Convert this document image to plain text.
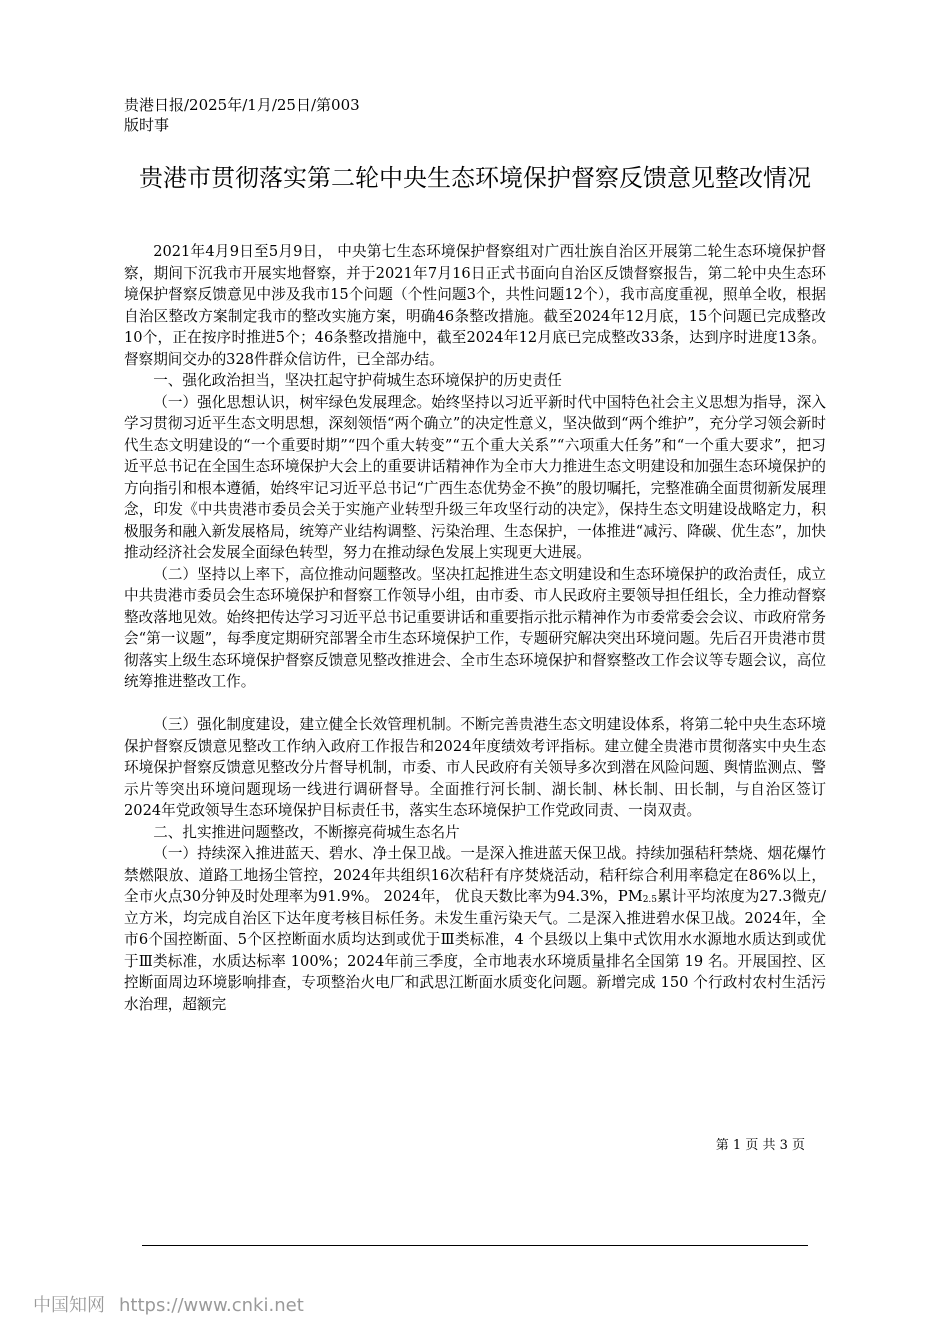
贵港日报/2025年/1月/25日/第003
版时事
贵港市贯彻落实第二轮中央生态环境保护督察反馈意见整改情况

2021年4月9日至5月9日， 中央第七生态环境保护督察组对广西壮族自治区开展第二轮生态环境保护督察，期间下沉我市开展实地督察，并于2021年7月16日正式书面向自治区反馈督察报告，第二轮中央生态环境保护督察反馈意见中涉及我市15个问题（个性问题3个，共性问题12个），我市高度重视，照单全收，根据自治区整改方案制定我市的整改实施方案，明确46条整改措施。截至2024年12月底，15个问题已完成整改10个，正在按序时推进5个；46条整改措施中，截至2024年12月底已完成整改33条，达到序时进度13条。督察期间交办的328件群众信访件，已全部办结。

一、强化政治担当，坚决扛起守护荷城生态环境保护的历史责任

（一）强化思想认识，树牢绿色发展理念。始终坚持以习近平新时代中国特色社会主义思想为指导，深入学习贯彻习近平生态文明思想，深刻领悟“两个确立”的决定性意义，坚决做到“两个维护”，充分学习领会新时代生态文明建设的“一个重要时期”“四个重大转变”“五个重大关系”“六项重大任务”和“一个重大要求”，把习近平总书记在全国生态环境保护大会上的重要讲话精神作为全市大力推进生态文明建设和加强生态环境保护的方向指引和根本遵循，始终牢记习近平总书记“广西生态优势金不换”的殷切嘱托，完整准确全面贯彻新发展理念，印发《中共贵港市委员会关于实施产业转型升级三年攻坚行动的决定》，保持生态文明建设战略定力，积极服务和融入新发展格局，统筹产业结构调整、污染治理、生态保护，一体推进“减污、降碳、优生态”，加快推动经济社会发展全面绿色转型，努力在推动绿色发展上实现更大进展。

（二）坚持以上率下，高位推动问题整改。坚决扛起推进生态文明建设和生态环境保护的政治责任，成立中共贵港市委员会生态环境保护和督察工作领导小组，由市委、市人民政府主要领导担任组长，全力推动督察整改落地见效。始终把传达学习习近平总书记重要讲话和重要指示批示精神作为市委常委会会议、市政府常务会“第一议题”，每季度定期研究部署全市生态环境保护工作，专题研究解决突出环境问题。先后召开贵港市贯彻落实上级生态环境保护督察反馈意见整改推进会、全市生态环境保护和督察整改工作会议等专题会议，高位统筹推进整改工作。

（三）强化制度建设，建立健全长效管理机制。不断完善贵港生态文明建设体系，将第二轮中央生态环境保护督察反馈意见整改工作纳入政府工作报告和2024年度绩效考评指标。建立健全贵港市贯彻落实中央生态环境保护督察反馈意见整改分片督导机制，市委、市人民政府有关领导多次到潜在风险问题、舆情监测点、警示片等突出环境问题现场一线进行调研督导。全面推行河长制、湖长制、林长制、田长制，与自治区签订2024年党政领导生态环境保护目标责任书，落实生态环境保护工作党政同责、一岗双责。

二、扎实推进问题整改，不断擦亮荷城生态名片

（一）持续深入推进蓝天、碧水、净土保卫战。一是深入推进蓝天保卫战。持续加强秸秆禁烧、烟花爆竹禁燃限放、道路工地扬尘管控，2024年共组织16次秸秆有序焚烧活动，秸秆综合利用率稳定在86%以上， 全市火点30分钟及时处理率为91.9%。 2024年， 优良天数比率为94.3%，$PM_{2.5}$累计平均浓度为27.3微克/立方米，均完成自治区下达年度考核目标任务。未发生重污染天气。二是深入推进碧水保卫战。2024年，全市6个国控断面、5个区控断面水质均达到或优于Ⅲ类标准，4 个县级以上集中式饮用水水源地水质达到或优于Ⅲ类标准，水质达标率 100%；2024年前三季度，全市地表水环境质量排名全国第 19 名。开展国控、区控断面周边环境影响排查，专项整治火电厂和武思江断面水质变化问题。新增完成 150 个行政村农村生活污水治理，超额完

第 1 页 共 3 页
中国知网 https://www.cnki.net
